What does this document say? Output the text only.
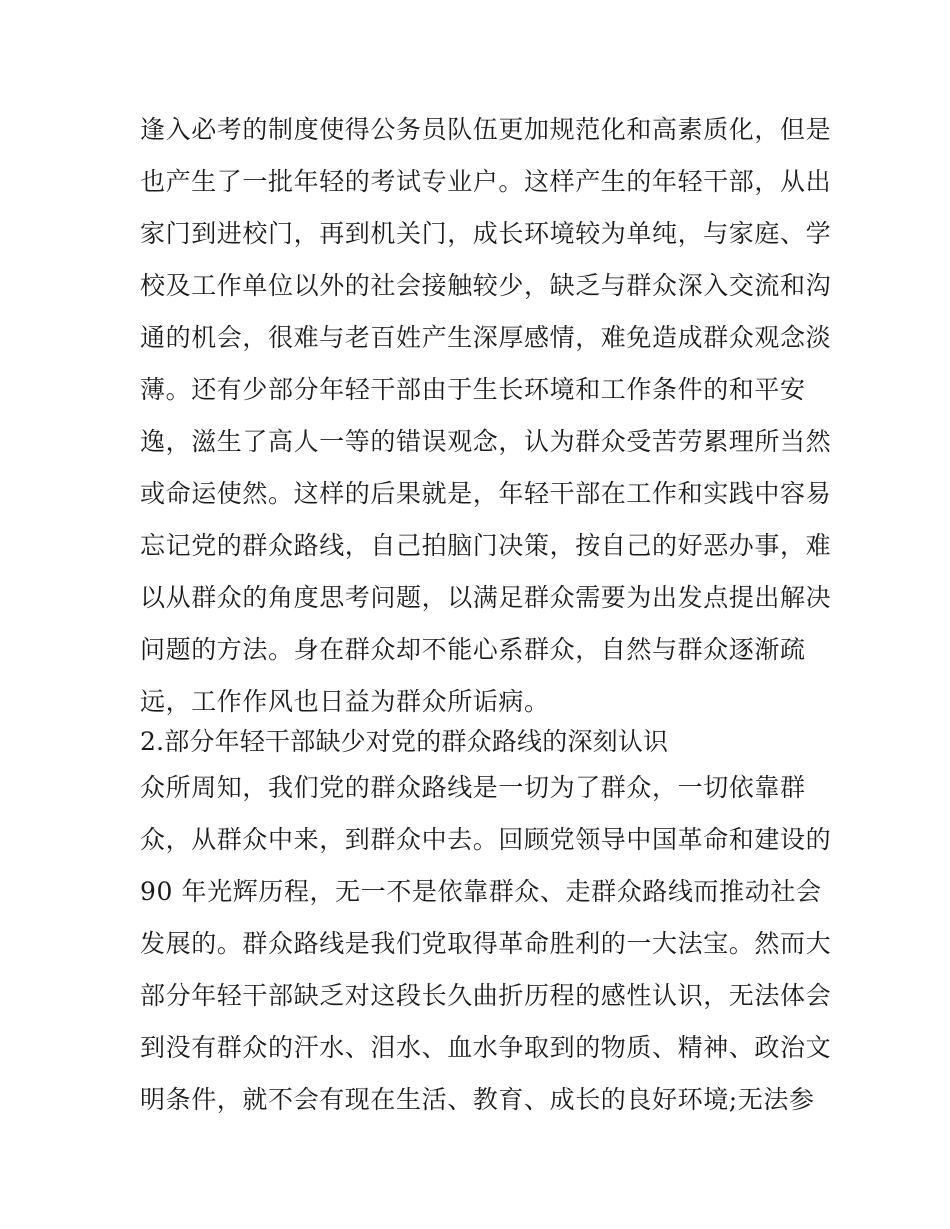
逢入必考的制度使得公务员队伍更加规范化和高素质化，但是
也产生了一批年轻的考试专业户。这样产生的年轻干部，从出
家门到进校门，再到机关门，成长环境较为单纯，与家庭、学
校及工作单位以外的社会接触较少，缺乏与群众深入交流和沟
通的机会，很难与老百姓产生深厚感情，难免造成群众观念淡
薄。还有少部分年轻干部由于生长环境和工作条件的和平安
逸，滋生了高人一等的错误观念，认为群众受苦劳累理所当然
或命运使然。这样的后果就是，年轻干部在工作和实践中容易
忘记党的群众路线，自己拍脑门决策，按自己的好恶办事，难
以从群众的角度思考问题，以满足群众需要为出发点提出解决
问题的方法。身在群众却不能心系群众，自然与群众逐渐疏
远，工作作风也日益为群众所诟病。
2.部分年轻干部缺少对党的群众路线的深刻认识
众所周知，我们党的群众路线是一切为了群众，一切依靠群
众，从群众中来，到群众中去。回顾党领导中国革命和建设的
90 年光辉历程，无一不是依靠群众、走群众路线而推动社会
发展的。群众路线是我们党取得革命胜利的一大法宝。然而大
部分年轻干部缺乏对这段长久曲折历程的感性认识，无法体会
到没有群众的汗水、泪水、血水争取到的物质、精神、政治文
明条件，就不会有现在生活、教育、成长的良好环境;无法参
